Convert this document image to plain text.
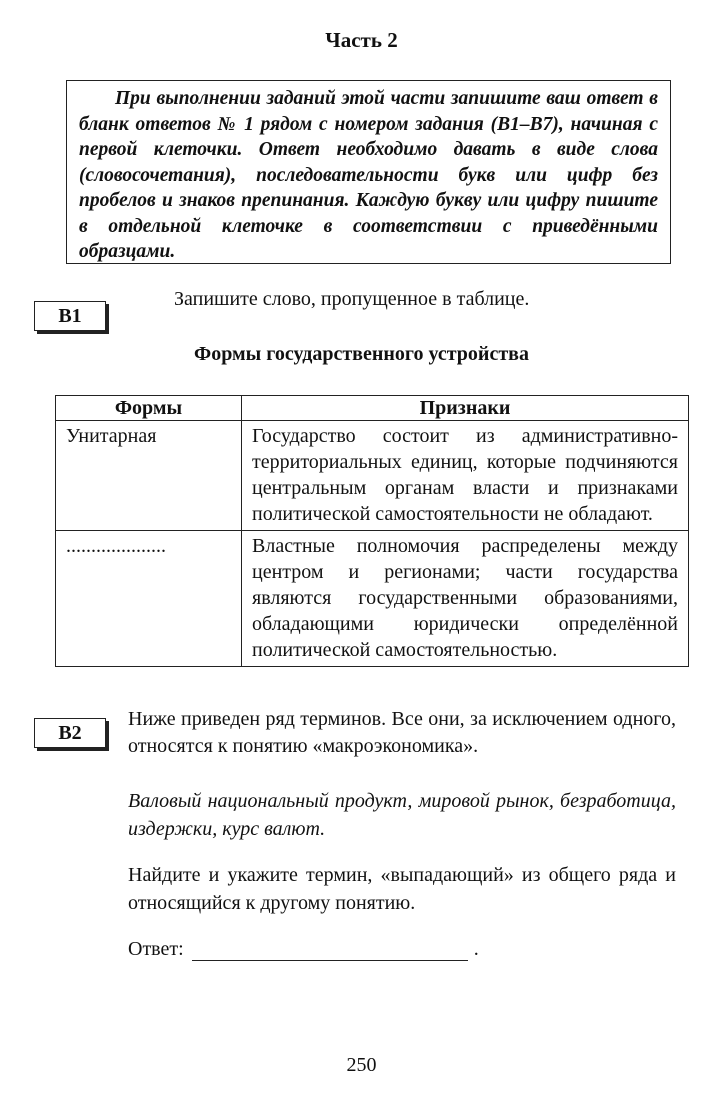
Часть 2

При выполнении заданий этой части запишите ваш ответ в бланк ответов № 1 рядом с номером задания (В1–В7), начиная с первой клеточки. Ответ необходимо давать в виде слова (словосочетания), последовательности букв или цифр без пробелов и знаков препинания. Каждую букву или цифру пишите в отдельной клеточке в соответствии с приведёнными образцами.

B1
Запишите слово, пропущенное в таблице.
Формы государственного устройства
Формы	Признаки
Унитарная	Государство состоит из административно-территориальных единиц, которые подчиняются центральным органам власти и признаками политической самостоятельности не обладают.
....................	Властные полномочия распределены между центром и регионами; части государства являются государственными образованиями, обладающими юридически определённой политической самостоятельностью.
B2
Ниже приведен ряд терминов. Все они, за исключением одного, относятся к понятию «макроэкономика».
Валовый национальный продукт, мировой рынок, безработица, издержки, курс валют.
Найдите и укажите термин, «выпадающий» из общего ряда и относящийся к другому понятию.
Ответ:	.
250
